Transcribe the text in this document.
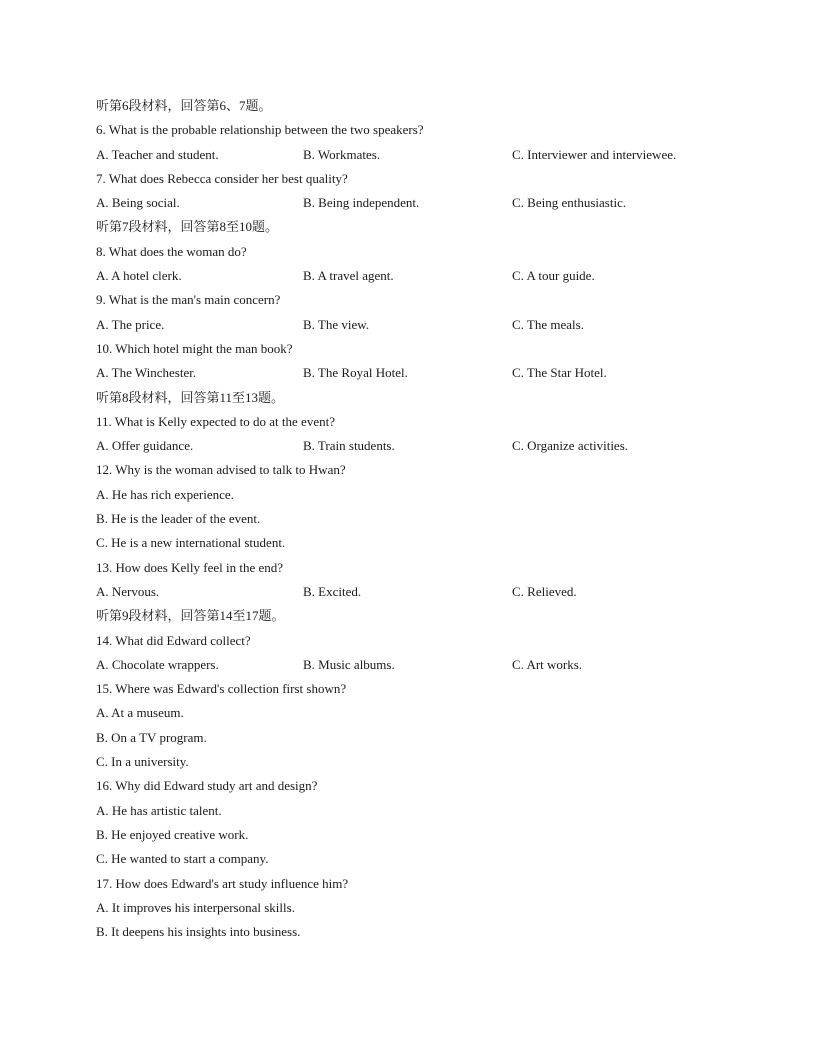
听第6段材料，回答第6、7题。
6. What is the probable relationship between the two speakers?
A. Teacher and student.	B. Workmates.	C. Interviewer and interviewee.
7. What does Rebecca consider her best quality?
A. Being social.	B. Being independent.	C. Being enthusiastic.
听第7段材料，回答第8至10题。
8. What does the woman do?
A. A hotel clerk.	B. A travel agent.	C. A tour guide.
9. What is the man's main concern?
A. The price.	B. The view.	C. The meals.
10. Which hotel might the man book?
A. The Winchester.	B. The Royal Hotel.	C. The Star Hotel.
听第8段材料，回答第11至13题。
11. What is Kelly expected to do at the event?
A. Offer guidance.	B. Train students.	C. Organize activities.
12. Why is the woman advised to talk to Hwan?
A. He has rich experience.
B. He is the leader of the event.
C. He is a new international student.
13. How does Kelly feel in the end?
A. Nervous.	B. Excited.	C. Relieved.
听第9段材料，回答第14至17题。
14. What did Edward collect?
A. Chocolate wrappers.	B. Music albums.	C. Art works.
15. Where was Edward's collection first shown?
A. At a museum.
B. On a TV program.
C. In a university.
16. Why did Edward study art and design?
A. He has artistic talent.
B. He enjoyed creative work.
C. He wanted to start a company.
17. How does Edward's art study influence him?
A. It improves his interpersonal skills.
B. It deepens his insights into business.
